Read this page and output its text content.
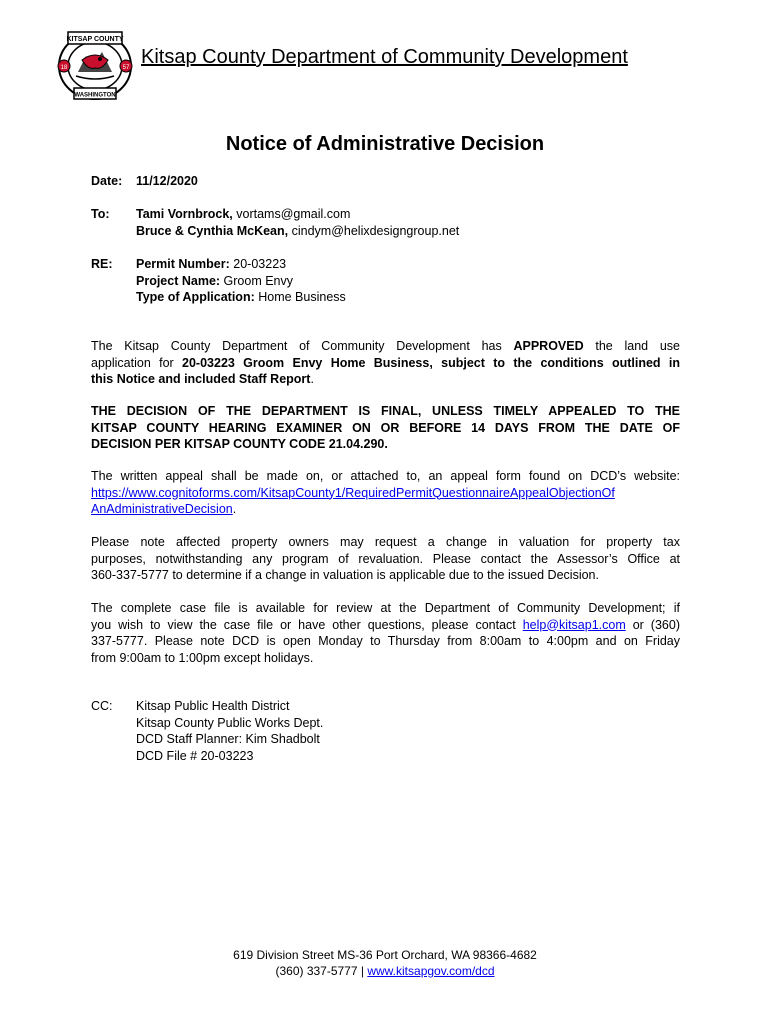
KITSAP COUNTY
WASHINGTON
18	57 Kitsap County Department of Community Development
Notice of Administrative Decision
Date: 11/12/2020
To: Tami Vornbrock, vortams@gmail.com
Bruce & Cynthia McKean, cindym@helixdesigngroup.net
RE: Permit Number: 20-03223
Project Name: Groom Envy
Type of Application: Home Business
The Kitsap County Department of Community Development has APPROVED the land use
application for 20-03223 Groom Envy Home Business, subject to the conditions outlined in
this Notice and included Staff Report.
THE DECISION OF THE DEPARTMENT IS FINAL, UNLESS TIMELY APPEALED TO THE
KITSAP COUNTY HEARING EXAMINER ON OR BEFORE 14 DAYS FROM THE DATE OF
DECISION PER KITSAP COUNTY CODE 21.04.290.
The written appeal shall be made on, or attached to, an appeal form found on DCD’s website:
https://www.cognitoforms.com/KitsapCounty1/RequiredPermitQuestionnaireAppealObjectionOf
AnAdministrativeDecision.
Please note affected property owners may request a change in valuation for property tax
purposes, notwithstanding any program of revaluation. Please contact the Assessor’s Office at
360-337-5777 to determine if a change in valuation is applicable due to the issued Decision.
The complete case file is available for review at the Department of Community Development; if
you wish to view the case file or have other questions, please contact help@kitsap1.com or (360)
337-5777. Please note DCD is open Monday to Thursday from 8:00am to 4:00pm and on Friday
from 9:00am to 1:00pm except holidays.
CC: Kitsap Public Health District
Kitsap County Public Works Dept.
DCD Staff Planner: Kim Shadbolt
DCD File # 20-03223
619 Division Street MS-36 Port Orchard, WA 98366-4682
(360) 337-5777 | www.kitsapgov.com/dcd
